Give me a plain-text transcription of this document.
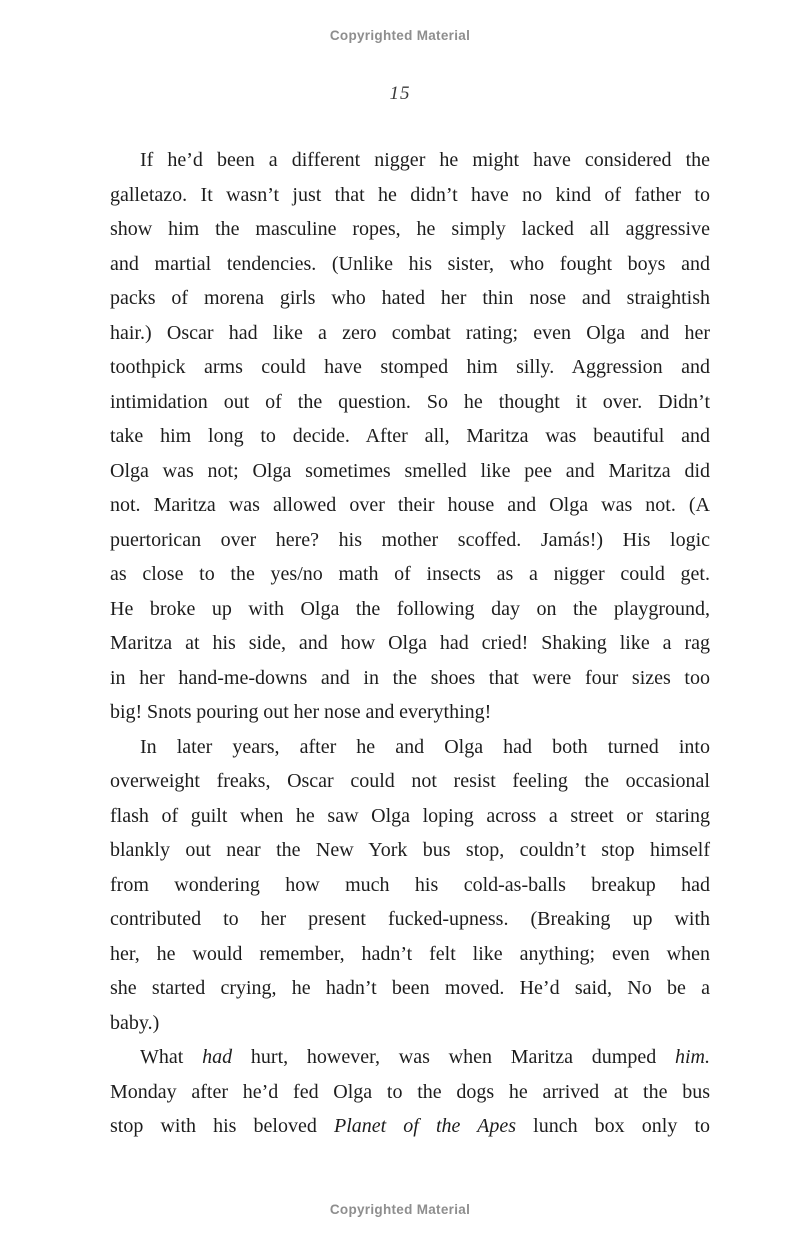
Copyrighted Material
15
If he’d been a different nigger he might have considered the
galletazo. It wasn’t just that he didn’t have no kind of father to
show him the masculine ropes, he simply lacked all aggressive
and martial tendencies. (Unlike his sister, who fought boys and
packs of morena girls who hated her thin nose and straightish
hair.) Oscar had like a zero combat rating; even Olga and her
toothpick arms could have stomped him silly. Aggression and
intimidation out of the question. So he thought it over. Didn’t
take him long to decide. After all, Maritza was beautiful and
Olga was not; Olga sometimes smelled like pee and Maritza did
not. Maritza was allowed over their house and Olga was not. (A
puertorican over here? his mother scoffed. Jamás!) His logic
as close to the yes/no math of insects as a nigger could get.
He broke up with Olga the following day on the playground,
Maritza at his side, and how Olga had cried! Shaking like a rag
in her hand-me-downs and in the shoes that were four sizes too
big! Snots pouring out her nose and everything!
In later years, after he and Olga had both turned into
overweight freaks, Oscar could not resist feeling the occasional
flash of guilt when he saw Olga loping across a street or staring
blankly out near the New York bus stop, couldn’t stop himself
from wondering how much his cold-as-balls breakup had
contributed to her present fucked-upness. (Breaking up with
her, he would remember, hadn’t felt like anything; even when
she started crying, he hadn’t been moved. He’d said, No be a
baby.)
What had hurt, however, was when Maritza dumped him.
Monday after he’d fed Olga to the dogs he arrived at the bus
stop with his beloved Planet of the Apes lunch box only to
Copyrighted Material
